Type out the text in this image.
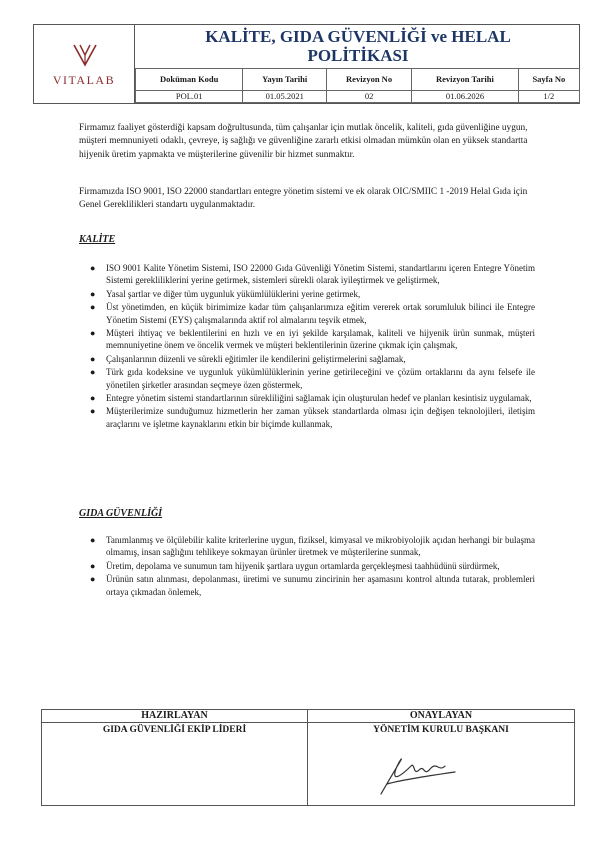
VITALAB
KALİTE, GIDA GÜVENLİĞİ ve HELAL
POLİTİKASI
Doküman Kodu	Yayın Tarihi	Revizyon No	Revizyon Tarihi	Sayfa No
POL.01	01.05.2021	02	01.06.2026	1/2
Firmamız faaliyet gösterdiği kapsam doğrultusunda, tüm çalışanlar için mutlak öncelik, kaliteli, gıda güvenliğine uygun, müşteri memnuniyeti odaklı, çevreye, iş sağlığı ve güvenliğine zararlı etkisi olmadan mümkün olan en yüksek standartta hijyenik üretim yapmakta ve müşterilerine güvenilir bir hizmet sunmaktır.
Firmamızda ISO 9001, ISO 22000 standartları entegre yönetim sistemi ve ek olarak OIC/SMIIC 1 -2019 Helal Gıda için Genel Gereklilikleri standartı uygulanmaktadır.
KALİTE
● ISO 9001 Kalite Yönetim Sistemi, ISO 22000 Gıda Güvenliği Yönetim Sistemi, standartlarını içeren Entegre Yönetim Sistemi gerekliliklerini yerine getirmek, sistemleri sürekli olarak iyileştirmek ve geliştirmek,
● Yasal şartlar ve diğer tüm uygunluk yükümlülüklerini yerine getirmek,
● Üst yönetimden, en küçük birimimize kadar tüm çalışanlarımıza eğitim vererek ortak sorumluluk bilinci ile Entegre Yönetim Sistemi (EYS) çalışmalarında aktif rol almalarını teşvik etmek,
● Müşteri ihtiyaç ve beklentilerini en hızlı ve en iyi şekilde karşılamak, kaliteli ve hijyenik ürün sunmak, müşteri memnuniyetine önem ve öncelik vermek ve müşteri beklentilerinin üzerine çıkmak için çalışmak,
● Çalışanlarının düzenli ve sürekli eğitimler ile kendilerini geliştirmelerini sağlamak,
● Türk gıda kodeksine ve uygunluk yükümlülüklerinin yerine getirileceğini ve çözüm ortaklarını da aynı felsefe ile yönetilen şirketler arasından seçmeye özen göstermek,
● Entegre yönetim sistemi standartlarının sürekliliğini sağlamak için oluşturulan hedef ve planları kesintisiz uygulamak,
● Müşterilerimize sunduğumuz hizmetlerin her zaman yüksek standartlarda olması için değişen teknolojileri, iletişim araçlarını ve işletme kaynaklarını etkin bir biçimde kullanmak,
GIDA GÜVENLİĞİ
● Tanımlanmış ve ölçülebilir kalite kriterlerine uygun, fiziksel, kimyasal ve mikrobiyolojik açıdan herhangi bir bulaşma olmamış, insan sağlığını tehlikeye sokmayan ürünler üretmek ve müşterilerine sunmak,
● Üretim, depolama ve sunumun tam hijyenik şartlara uygun ortamlarda gerçekleşmesi taahhüdünü sürdürmek,
● Ürünün satın alınması, depolanması, üretimi ve sunumu zincirinin her aşamasını kontrol altında tutarak, problemleri ortaya çıkmadan önlemek,
HAZIRLAYAN	ONAYLAYAN
GIDA GÜVENLİĞİ EKİP LİDERİ	YÖNETİM KURULU BAŞKANI
